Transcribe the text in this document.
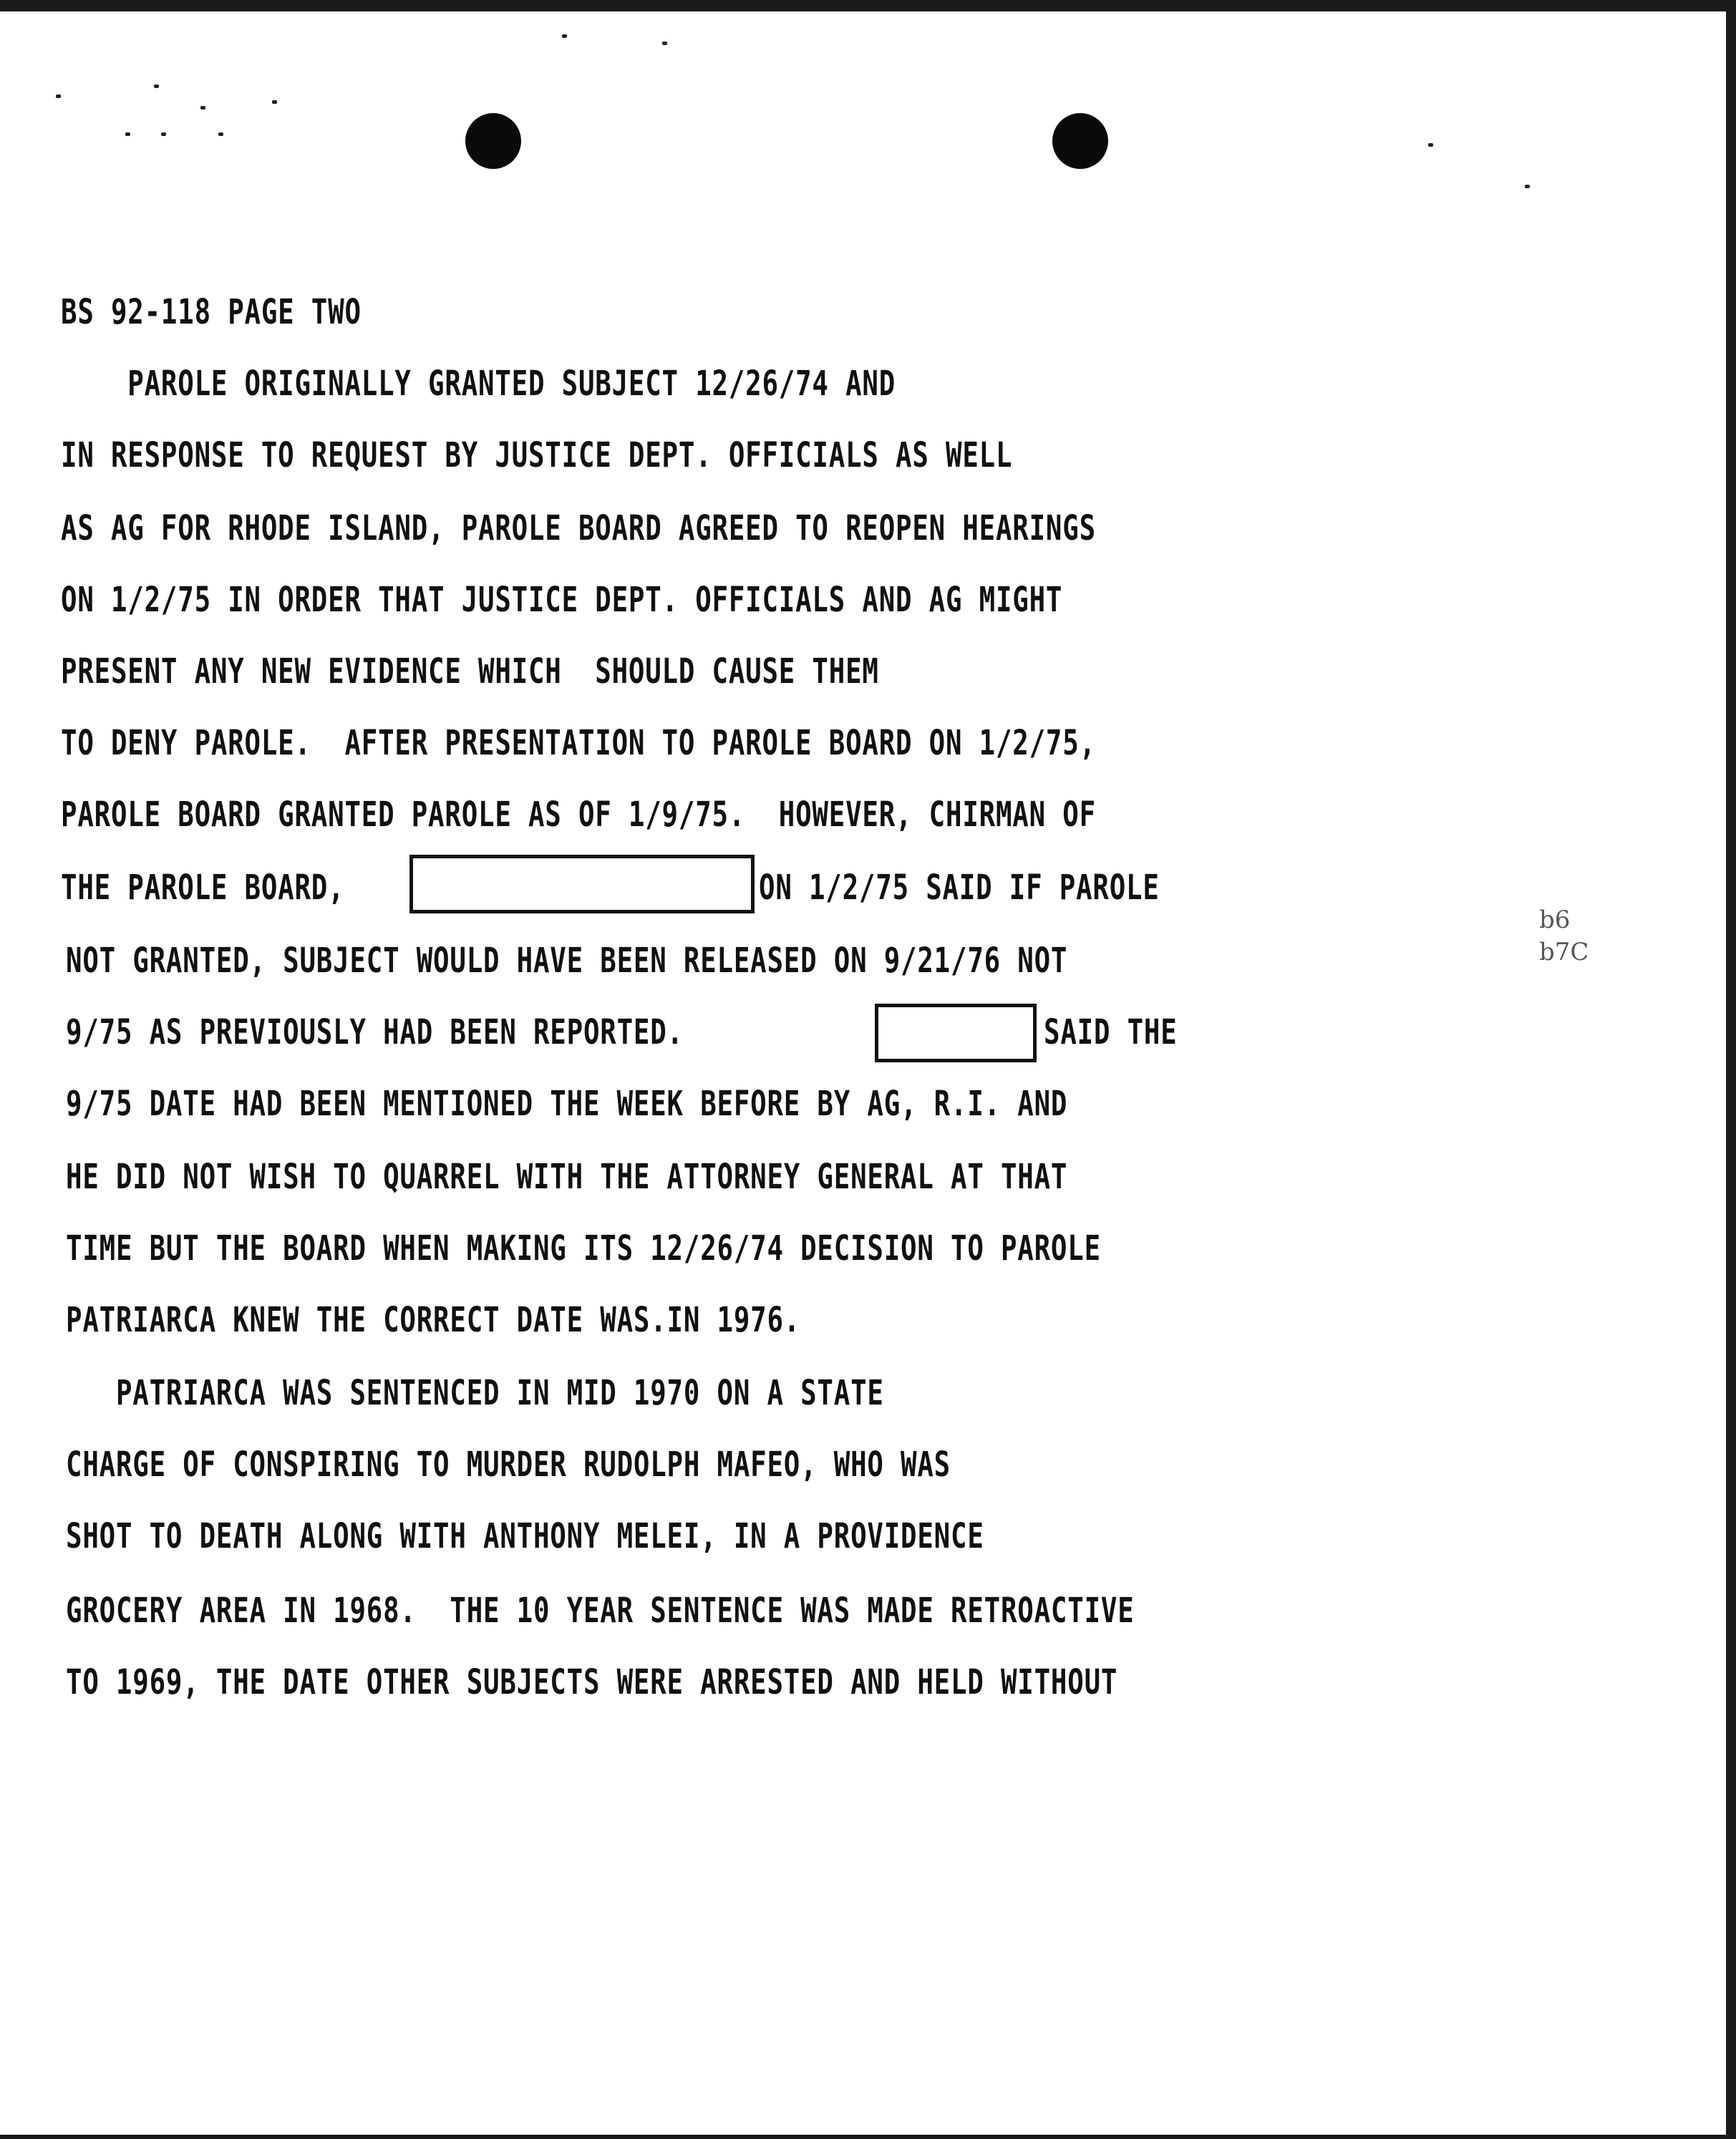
BS 92-118 PAGE TWO
PAROLE ORIGINALLY GRANTED SUBJECT 12/26/74 AND
IN RESPONSE TO REQUEST BY JUSTICE DEPT. OFFICIALS AS WELL
AS AG FOR RHODE ISLAND, PAROLE BOARD AGREED TO REOPEN HEARINGS
ON 1/2/75 IN ORDER THAT JUSTICE DEPT. OFFICIALS AND AG MIGHT
PRESENT ANY NEW EVIDENCE WHICH  SHOULD CAUSE THEM
TO DENY PAROLE.  AFTER PRESENTATION TO PAROLE BOARD ON 1/2/75,
PAROLE BOARD GRANTED PAROLE AS OF 1/9/75.  HOWEVER, CHIRMAN OF
THE PAROLE BOARD,	ON 1/2/75 SAID IF PAROLE
NOT GRANTED, SUBJECT WOULD HAVE BEEN RELEASED ON 9/21/76 NOT
9/75 AS PREVIOUSLY HAD BEEN REPORTED.	SAID THE
9/75 DATE HAD BEEN MENTIONED THE WEEK BEFORE BY AG, R.I. AND
HE DID NOT WISH TO QUARREL WITH THE ATTORNEY GENERAL AT THAT
TIME BUT THE BOARD WHEN MAKING ITS 12/26/74 DECISION TO PAROLE
PATRIARCA KNEW THE CORRECT DATE WAS.IN 1976.
PATRIARCA WAS SENTENCED IN MID 1970 ON A STATE
CHARGE OF CONSPIRING TO MURDER RUDOLPH MAFEO, WHO WAS
SHOT TO DEATH ALONG WITH ANTHONY MELEI, IN A PROVIDENCE
GROCERY AREA IN 1968.  THE 10 YEAR SENTENCE WAS MADE RETROACTIVE
TO 1969, THE DATE OTHER SUBJECTS WERE ARRESTED AND HELD WITHOUT
b6
b7C
